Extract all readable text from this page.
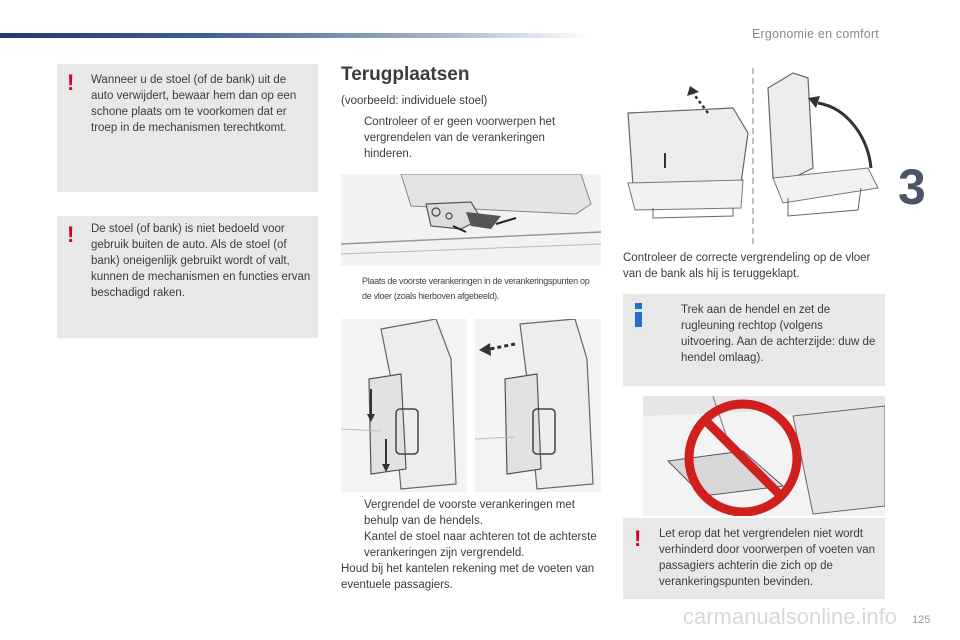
Ergonomie en comfort
3
! Wanneer u de stoel (of de bank) uit de auto verwijdert, bewaar hem dan op een schone plaats om te voorkomen dat er troep in de mechanismen terechtkomt.
! De stoel (of bank) is niet bedoeld voor gebruik buiten de auto. Als de stoel (of bank) oneigenlijk gebruikt wordt of valt, kunnen de mechanismen en functies ervan beschadigd raken.
Terugplaatsen
(voorbeeld: individuele stoel)
Controleer of er geen voorwerpen het vergrendelen van de verankeringen hinderen.
Plaats de voorste verankeringen in de verankeringspunten op de vloer (zoals hierboven afgebeeld).
Vergrendel de voorste verankeringen met behulp van de hendels.
Kantel de stoel naar achteren tot de achterste verankeringen zijn vergrendeld.
Houd bij het kantelen rekening met de voeten van eventuele passagiers.
Controleer de correcte vergrendeling op de vloer van de bank als hij is teruggeklapt.
Trek aan de hendel en zet de rugleuning rechtop (volgens uitvoering. Aan de achterzijde: duw de hendel omlaag).
! Let erop dat het vergrendelen niet wordt verhinderd door voorwerpen of voeten van passagiers achterin die zich op de verankeringspunten bevinden.
125
carmanualsonline.info
